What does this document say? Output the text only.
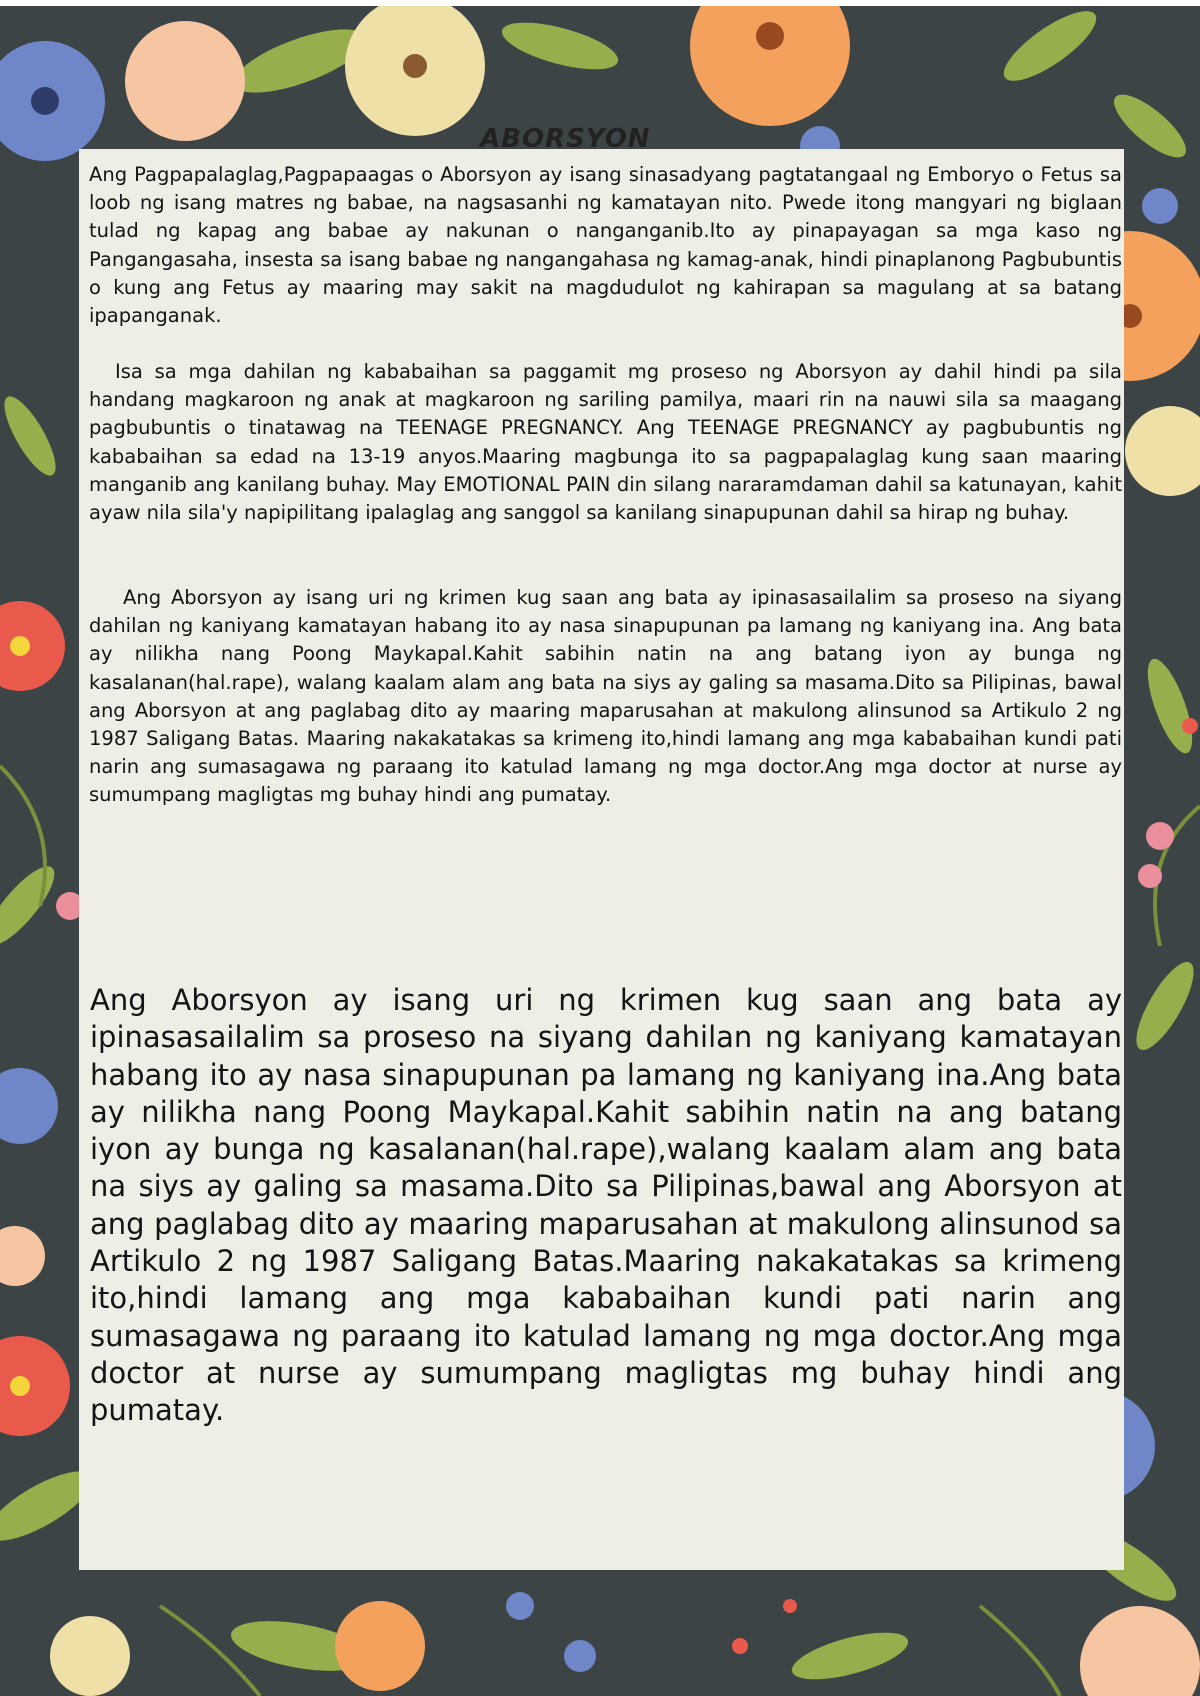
ABORSYON

Ang Pagpapalaglag,Pagpapaagas o Aborsyon ay isang sinasadyang pagtatangaal ng Emboryo o Fetus sa loob ng isang matres ng babae, na nagsasanhi ng kamatayan nito. Pwede itong mangyari ng biglaan tulad ng kapag ang babae ay nakunan o nanganganib.Ito ay pinapayagan sa mga kaso ng Pangangasaha, insesta sa isang babae ng nangangahasa ng kamag-anak, hindi pinaplanong Pagbubuntis o kung ang Fetus ay maaring may sakit na magdudulot ng kahirapan sa magulang at sa batang ipapanganak.

Isa sa mga dahilan ng kababaihan sa paggamit mg proseso ng Aborsyon ay dahil hindi pa sila handang magkaroon ng anak at magkaroon ng sariling pamilya, maari rin na nauwi sila sa maagang pagbubuntis o tinatawag na TEENAGE PREGNANCY. Ang TEENAGE PREGNANCY ay pagbubuntis ng kababaihan sa edad na 13-19 anyos.Maaring magbunga ito sa pagpapalaglag kung saan maaring manganib ang kanilang buhay. May EMOTIONAL PAIN din silang nararamdaman dahil sa katunayan, kahit ayaw nila sila'y napipilitang ipalaglag ang sanggol sa kanilang sinapupunan dahil sa hirap ng buhay.

Ang Aborsyon ay isang uri ng krimen kug saan ang bata ay ipinasasailalim sa proseso na siyang dahilan ng kaniyang kamatayan habang ito ay nasa sinapupunan pa lamang ng kaniyang ina. Ang bata ay nilikha nang Poong Maykapal.Kahit sabihin natin na ang batang iyon ay bunga ng kasalanan(hal.rape), walang kaalam alam ang bata na siys ay galing sa masama.Dito sa Pilipinas, bawal ang Aborsyon at ang paglabag dito ay maaring maparusahan at makulong alinsunod sa Artikulo 2 ng 1987 Saligang Batas. Maaring nakakatakas sa krimeng ito,hindi lamang ang mga kababaihan kundi pati narin ang sumasagawa ng paraang ito katulad lamang ng mga doctor.Ang mga doctor at nurse ay sumumpang magligtas mg buhay hindi ang pumatay.

Ang Aborsyon ay isang uri ng krimen kug saan ang bata ay ipinasasailalim sa proseso na siyang dahilan ng kaniyang kamatayan habang ito ay nasa sinapupunan pa lamang ng kaniyang ina.Ang bata ay nilikha nang Poong Maykapal.Kahit sabihin natin na ang batang iyon ay bunga ng kasalanan(hal.rape),walang kaalam alam ang bata na siys ay galing sa masama.Dito sa Pilipinas,bawal ang Aborsyon at ang paglabag dito ay maaring maparusahan at makulong alinsunod sa Artikulo 2 ng 1987 Saligang Batas.Maaring nakakatakas sa krimeng ito,hindi lamang ang mga kababaihan kundi pati narin ang sumasagawa ng paraang ito katulad lamang ng mga doctor.Ang mga doctor at nurse ay sumumpang magligtas mg buhay hindi ang pumatay.
